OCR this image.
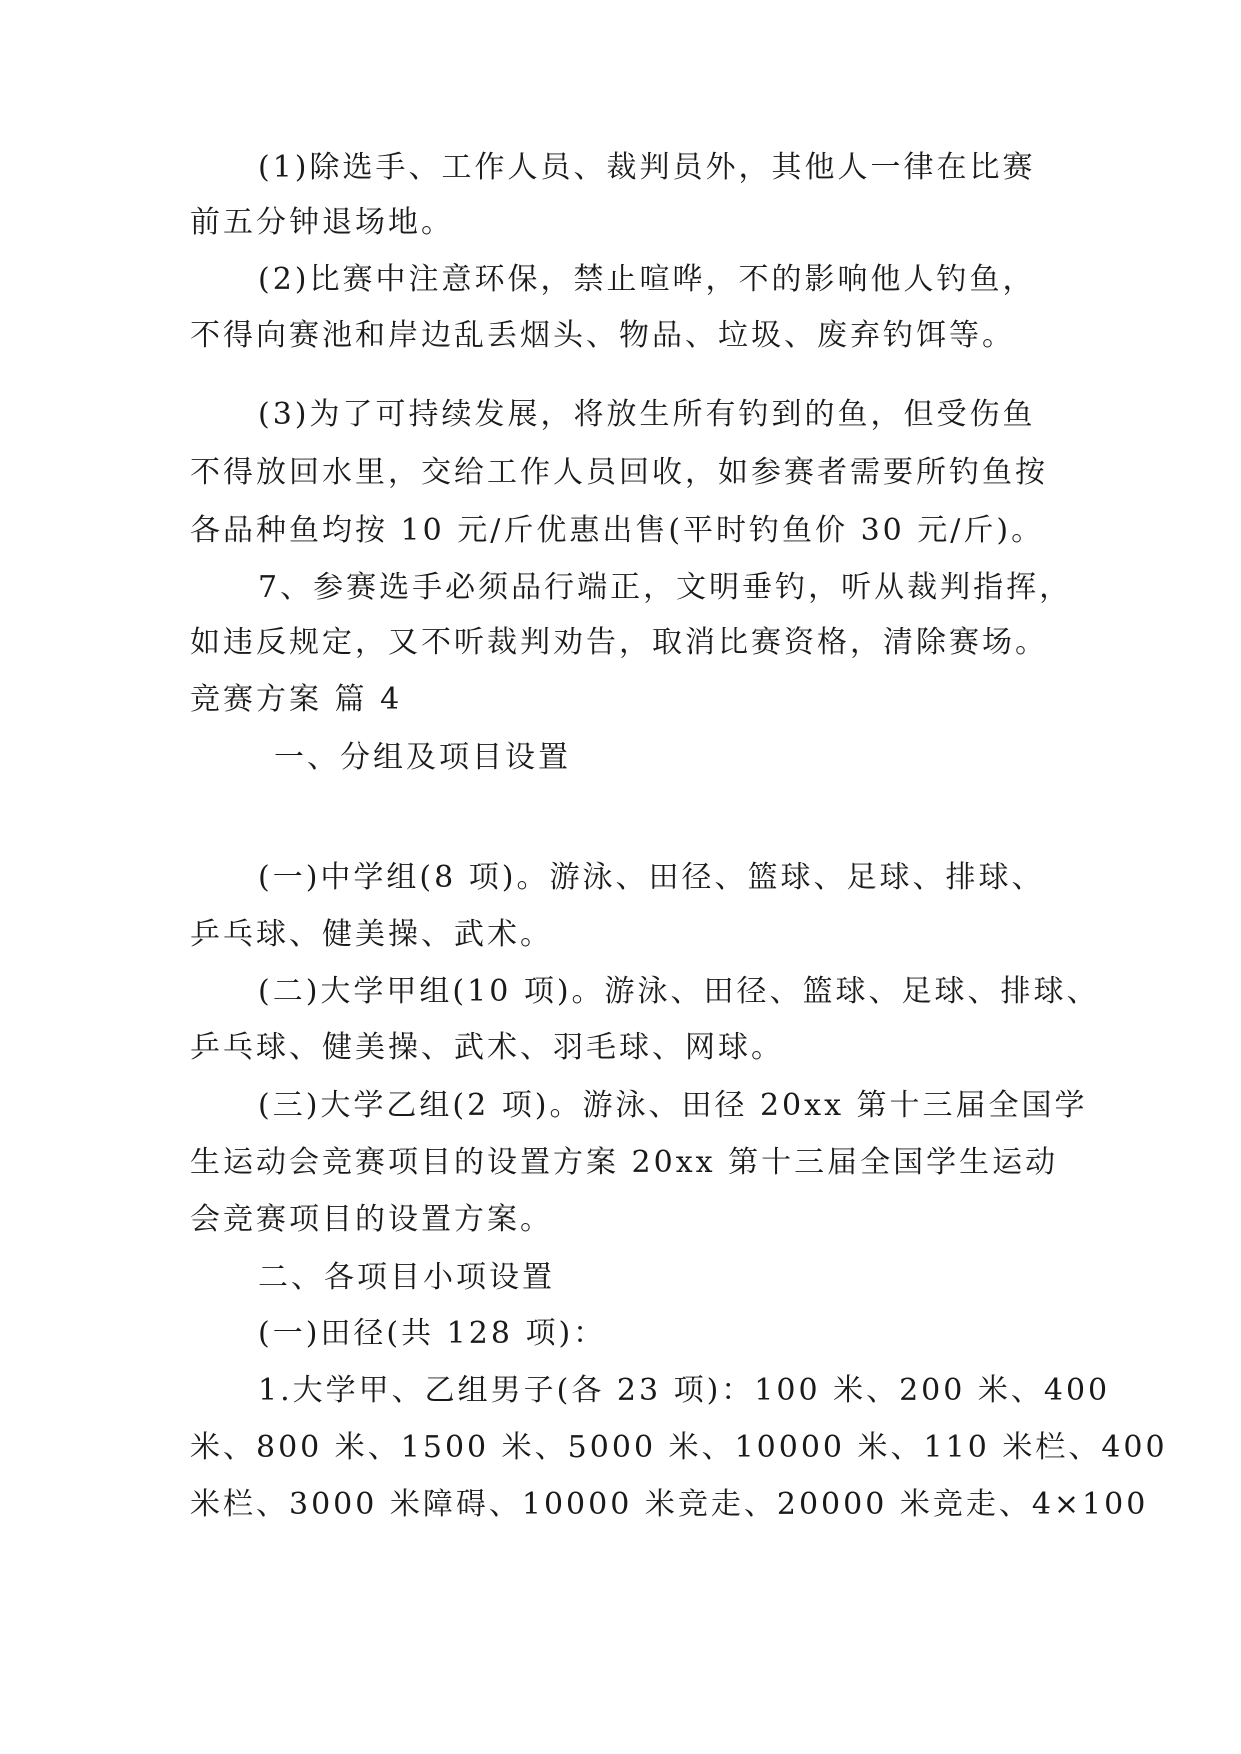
(1)除选手、工作人员、裁判员外，其他人一律在比赛
前五分钟退场地。
(2)比赛中注意环保，禁止喧哗，不的影响他人钓鱼，
不得向赛池和岸边乱丢烟头、物品、垃圾、废弃钓饵等。
(3)为了可持续发展，将放生所有钓到的鱼，但受伤鱼
不得放回水里，交给工作人员回收，如参赛者需要所钓鱼按
各品种鱼均按 10 元/斤优惠出售(平时钓鱼价 30 元/斤)。
7、参赛选手必须品行端正，文明垂钓，听从裁判指挥，
如违反规定，又不听裁判劝告，取消比赛资格，清除赛场。
竞赛方案 篇 4
一、分组及项目设置
(一)中学组(8 项)。游泳、田径、篮球、足球、排球、
乒乓球、健美操、武术。
(二)大学甲组(10 项)。游泳、田径、篮球、足球、排球、
乒乓球、健美操、武术、羽毛球、网球。
(三)大学乙组(2 项)。游泳、田径 20xx 第十三届全国学
生运动会竞赛项目的设置方案 20xx 第十三届全国学生运动
会竞赛项目的设置方案。
二、各项目小项设置
(一)田径(共 128 项)：
1.大学甲、乙组男子(各 23 项)：100 米、200 米、400
米、800 米、1500 米、5000 米、10000 米、110 米栏、400
米栏、3000 米障碍、10000 米竞走、20000 米竞走、4×100
